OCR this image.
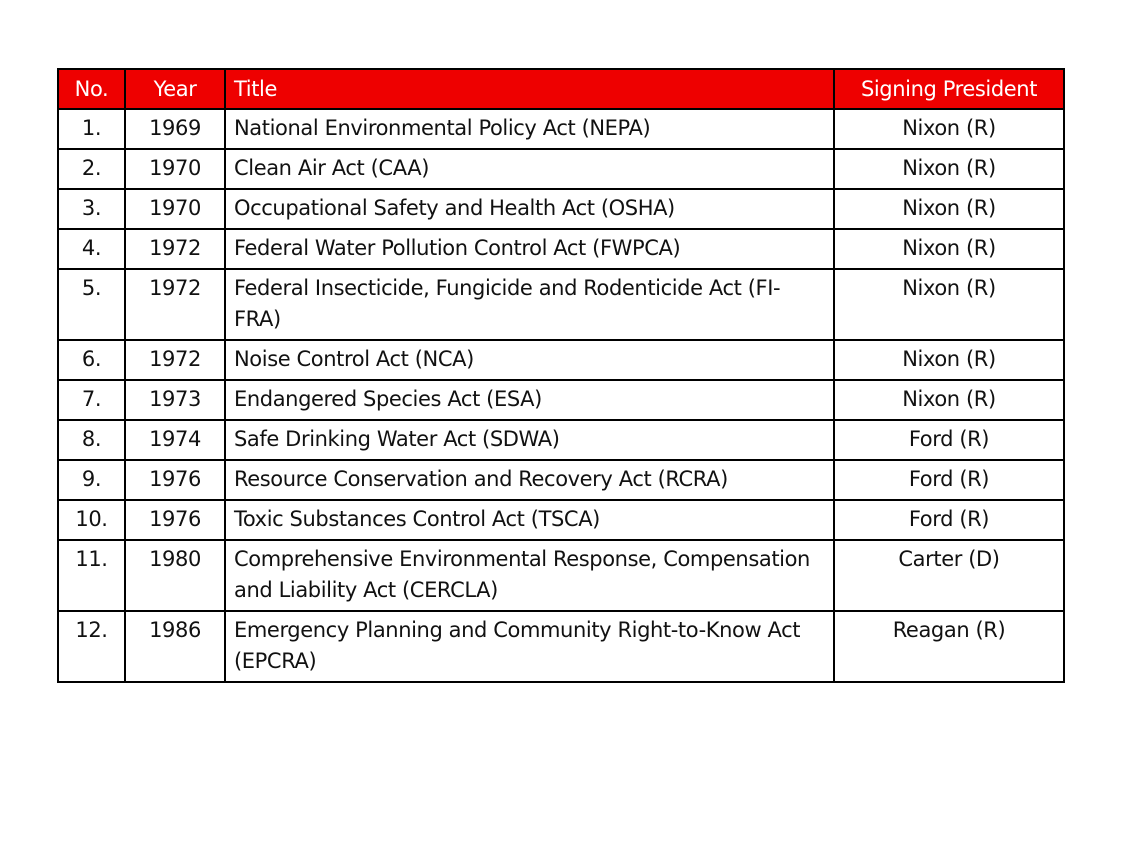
No.	Year	Title	Signing President
1.	1969	National Environmental Policy Act (NEPA)	Nixon (R)
2.	1970	Clean Air Act (CAA)	Nixon (R)
3.	1970	Occupational Safety and Health Act (OSHA)	Nixon (R)
4.	1972	Federal Water Pollution Control Act (FWPCA)	Nixon (R)
5.	1972	Federal Insecticide, Fungicide and Rodenticide Act (FI-FRA)	Nixon (R)
6.	1972	Noise Control Act (NCA)	Nixon (R)
7.	1973	Endangered Species Act (ESA)	Nixon (R)
8.	1974	Safe Drinking Water Act (SDWA)	Ford (R)
9.	1976	Resource Conservation and Recovery Act (RCRA)	Ford (R)
10.	1976	Toxic Substances Control Act (TSCA)	Ford (R)
11.	1980	Comprehensive Environmental Response, Compensation and Liability Act (CERCLA)	Carter (D)
12.	1986	Emergency Planning and Community Right-to-Know Act (EPCRA)	Reagan (R)
